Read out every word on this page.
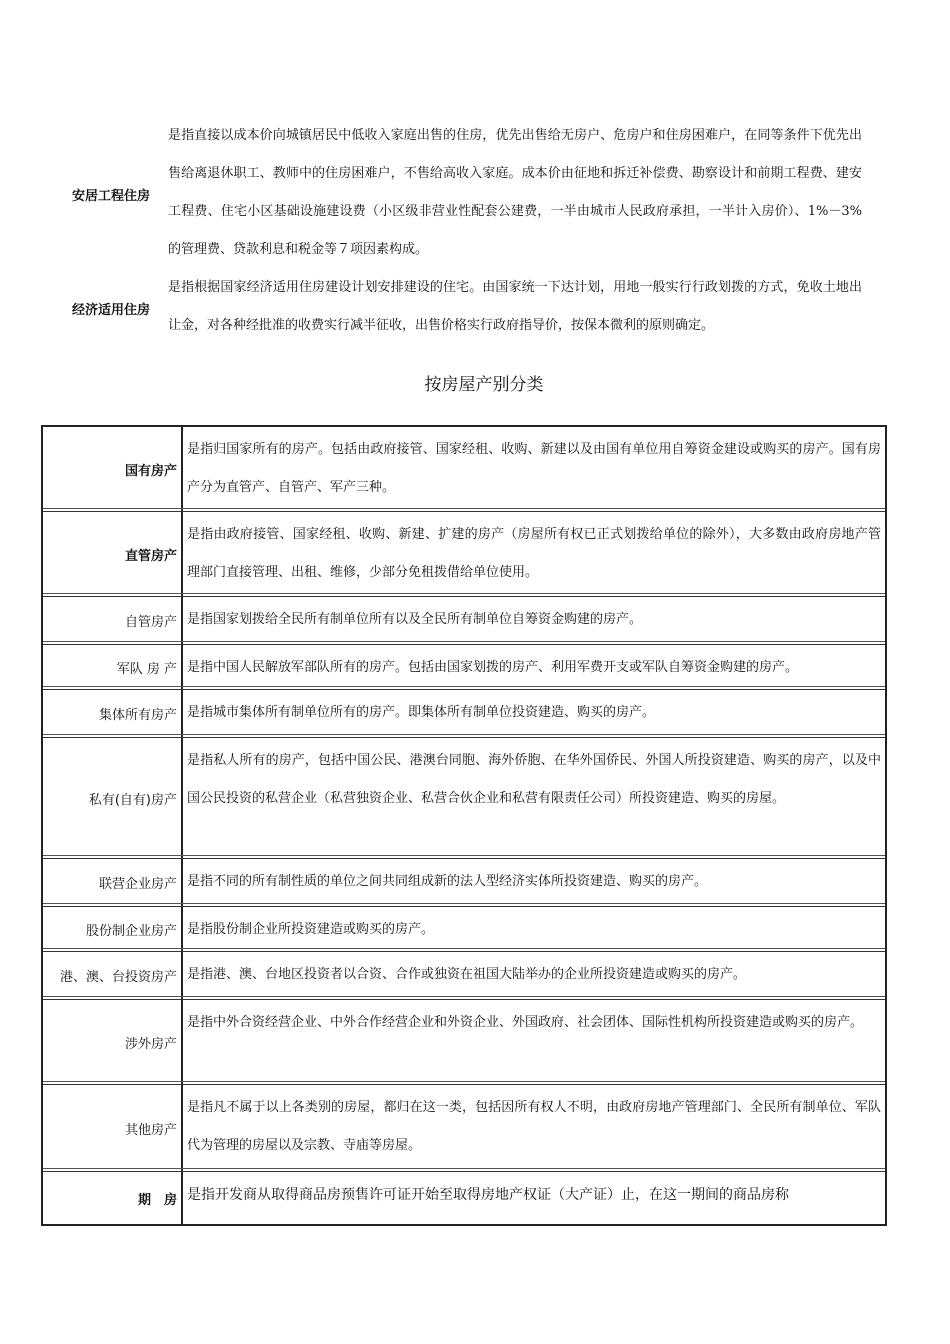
安居工程住房
是指直接以成本价向城镇居民中低收入家庭出售的住房，优先出售给无房户、危房户和住房困难户，在同等条件下优先出售给离退休职工、教师中的住房困难户，不售给高收入家庭。成本价由征地和拆迁补偿费、勘察设计和前期工程费、建安工程费、住宅小区基础设施建设费（小区级非营业性配套公建费，一半由城市人民政府承担，一半计入房价）、1%－3%的管理费、贷款利息和税金等７项因素构成。
经济适用住房
是指根据国家经济适用住房建设计划安排建设的住宅。由国家统一下达计划，用地一般实行行政划拨的方式，免收土地出让金，对各种经批准的收费实行减半征收，出售价格实行政府指导价，按保本微利的原则确定。
按房屋产别分类
国有房产
是指归国家所有的房产。包括由政府接管、国家经租、收购、新建以及由国有单位用自筹资金建设或购买的房产。国有房产分为直管产、自管产、军产三种。
直管房产
是指由政府接管、国家经租、收购、新建、扩建的房产（房屋所有权已正式划拨给单位的除外），大多数由政府房地产管理部门直接管理、出租、维修，少部分免租拨借给单位使用。
自管房产 是指国家划拨给全民所有制单位所有以及全民所有制单位自筹资金购建的房产。
军队 房 产 是指中国人民解放军部队所有的房产。包括由国家划拨的房产、利用军费开支或军队自筹资金购建的房产。
集体所有房产 是指城市集体所有制单位所有的房产。即集体所有制单位投资建造、购买的房产。
私有(自有)房产
是指私人所有的房产，包括中国公民、港澳台同胞、海外侨胞、在华外国侨民、外国人所投资建造、购买的房产，以及中国公民投资的私营企业（私营独资企业、私营合伙企业和私营有限责任公司）所投资建造、购买的房屋。
联营企业房产 是指不同的所有制性质的单位之间共同组成新的法人型经济实体所投资建造、购买的房产。
股份制企业房产 是指股份制企业所投资建造或购买的房产。
港、澳、台投资房产 是指港、澳、台地区投资者以合资、合作或独资在祖国大陆举办的企业所投资建造或购买的房产。
涉外房产
是指中外合资经营企业、中外合作经营企业和外资企业、外国政府、社会团体、国际性机构所投资建造或购买的房产。
其他房产
是指凡不属于以上各类别的房屋，都归在这一类，包括因所有权人不明，由政府房地产管理部门、全民所有制单位、军队代为管理的房屋以及宗教、寺庙等房屋。
期　房 是指开发商从取得商品房预售许可证开始至取得房地产权证（大产证）止，在这一期间的商品房称
